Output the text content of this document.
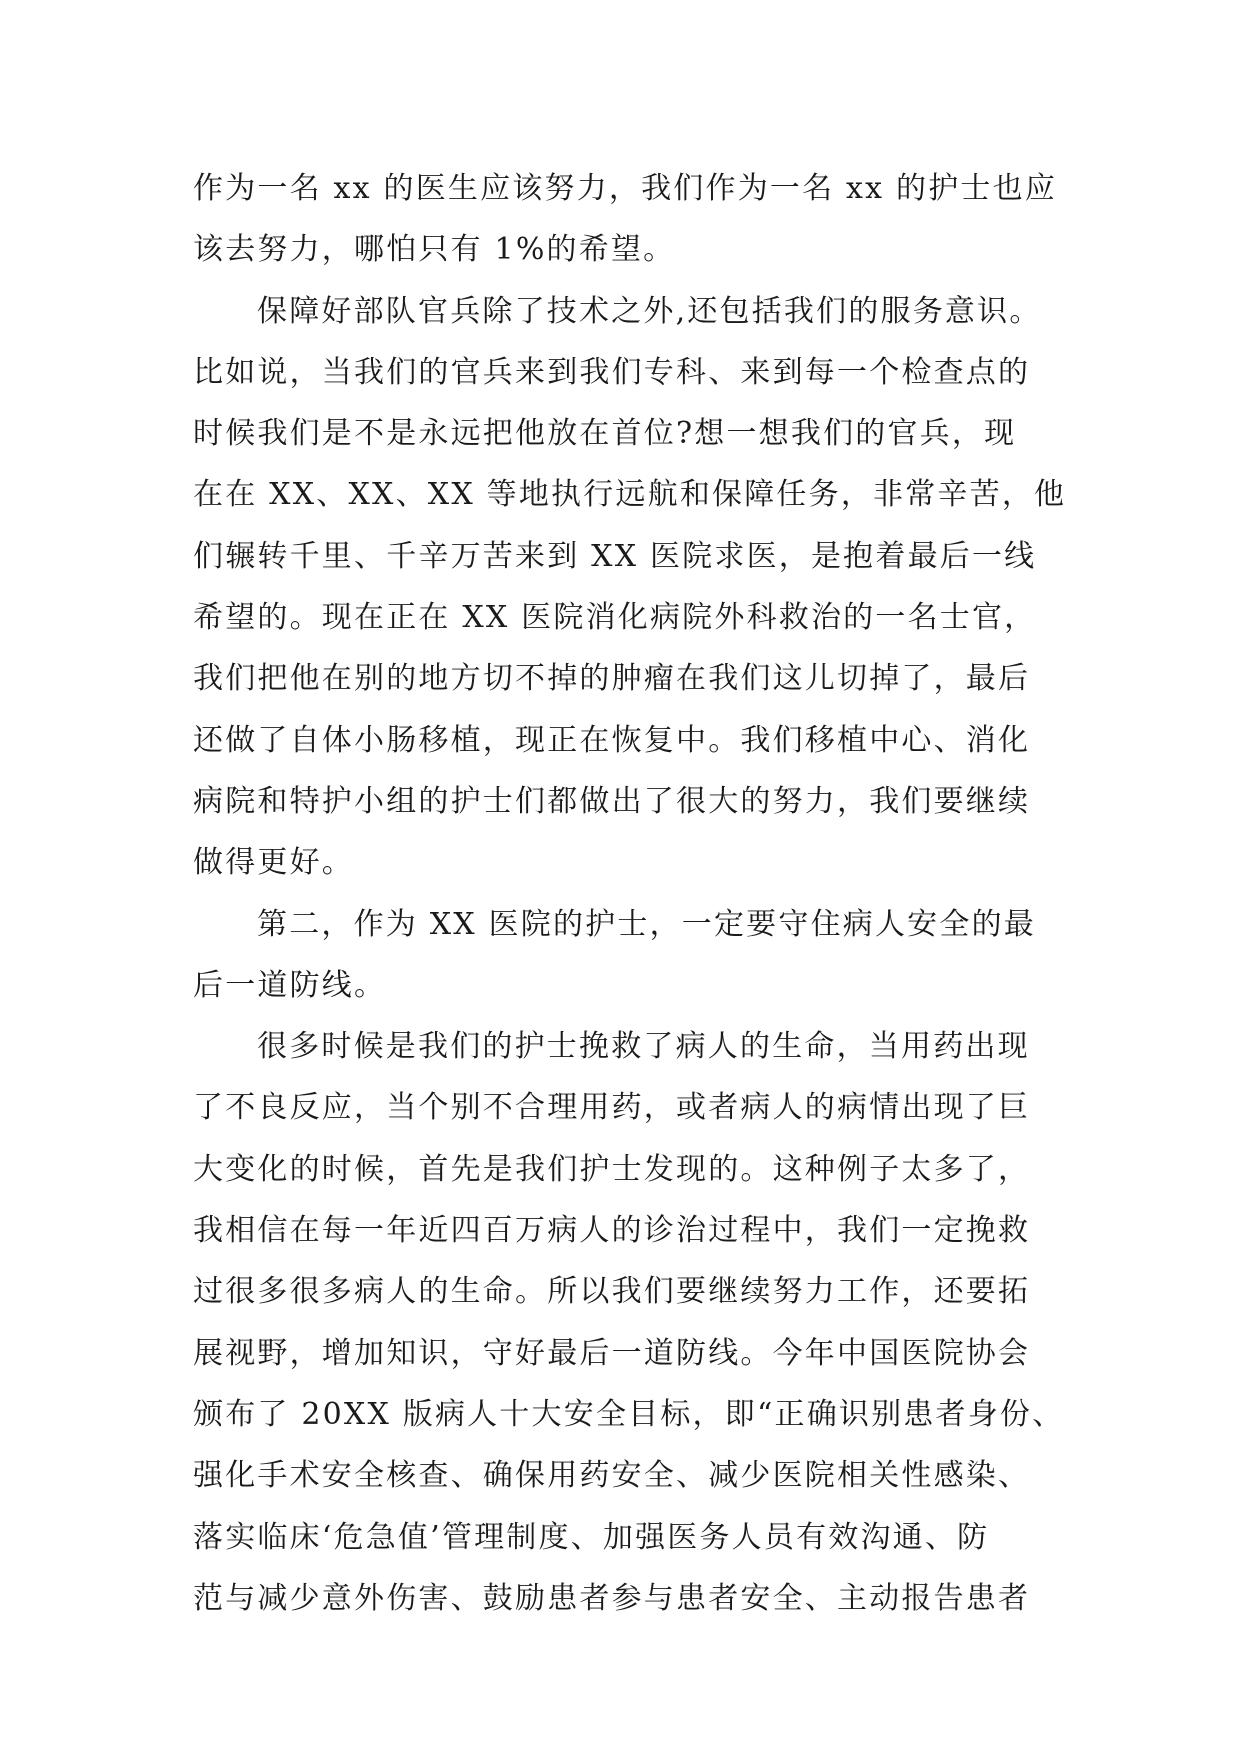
作为一名 xx 的医生应该努力，我们作为一名 xx 的护士也应
该去努力，哪怕只有 1%的希望。
保障好部队官兵除了技术之外,还包括我们的服务意识。
比如说，当我们的官兵来到我们专科、来到每一个检查点的
时候我们是不是永远把他放在首位?想一想我们的官兵，现
在在 XX、XX、XX 等地执行远航和保障任务，非常辛苦，他
们辗转千里、千辛万苦来到 XX 医院求医，是抱着最后一线
希望的。现在正在 XX 医院消化病院外科救治的一名士官，
我们把他在别的地方切不掉的肿瘤在我们这儿切掉了，最后
还做了自体小肠移植，现正在恢复中。我们移植中心、消化
病院和特护小组的护士们都做出了很大的努力，我们要继续
做得更好。
第二，作为 XX 医院的护士，一定要守住病人安全的最
后一道防线。
很多时候是我们的护士挽救了病人的生命，当用药出现
了不良反应，当个别不合理用药，或者病人的病情出现了巨
大变化的时候，首先是我们护士发现的。这种例子太多了，
我相信在每一年近四百万病人的诊治过程中，我们一定挽救
过很多很多病人的生命。所以我们要继续努力工作，还要拓
展视野，增加知识，守好最后一道防线。今年中国医院协会
颁布了 20XX 版病人十大安全目标，即“正确识别患者身份、
强化手术安全核查、确保用药安全、减少医院相关性感染、
落实临床‘危急值’管理制度、加强医务人员有效沟通、防
范与减少意外伤害、鼓励患者参与患者安全、主动报告患者
